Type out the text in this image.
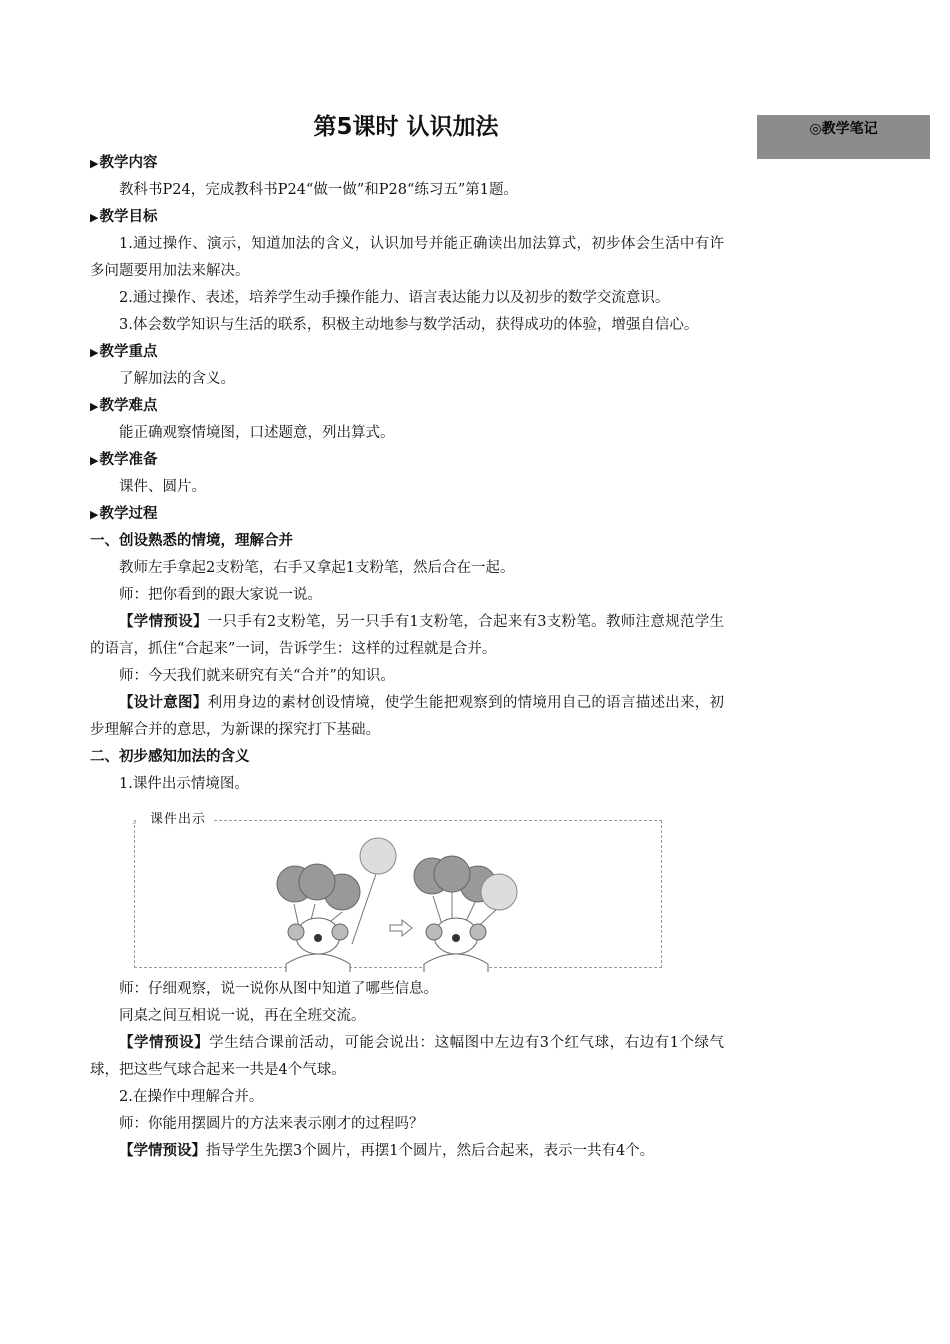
第5课时 认识加法	◎教学笔记
▶教学内容
教科书P24，完成教科书P24“做一做”和P28“练习五”第1题。
▶教学目标
1.通过操作、演示，知道加法的含义，认识加号并能正确读出加法算式，初步体会生活中有许多问题要用加法来解决。
2.通过操作、表述，培养学生动手操作能力、语言表达能力以及初步的数学交流意识。
3.体会数学知识与生活的联系，积极主动地参与数学活动，获得成功的体验，增强自信心。
▶教学重点
了解加法的含义。
▶教学难点
能正确观察情境图，口述题意，列出算式。
▶教学准备
课件、圆片。
▶教学过程
一、创设熟悉的情境，理解合并
教师左手拿起2支粉笔，右手又拿起1支粉笔，然后合在一起。
师：把你看到的跟大家说一说。
【学情预设】一只手有2支粉笔，另一只手有1支粉笔，合起来有3支粉笔。教师注意规范学生的语言，抓住“合起来”一词，告诉学生：这样的过程就是合并。
师：今天我们就来研究有关“合并”的知识。
【设计意图】利用身边的素材创设情境，使学生能把观察到的情境用自己的语言描述出来，初步理解合并的意思，为新课的探究打下基础。
二、初步感知加法的含义
1.课件出示情境图。
课件出示
师：仔细观察，说一说你从图中知道了哪些信息。
同桌之间互相说一说，再在全班交流。
【学情预设】学生结合课前活动，可能会说出：这幅图中左边有3个红气球，右边有1个绿气球，把这些气球合起来一共是4个气球。
2.在操作中理解合并。
师：你能用摆圆片的方法来表示刚才的过程吗？
【学情预设】指导学生先摆3个圆片，再摆1个圆片，然后合起来，表示一共有4个。
